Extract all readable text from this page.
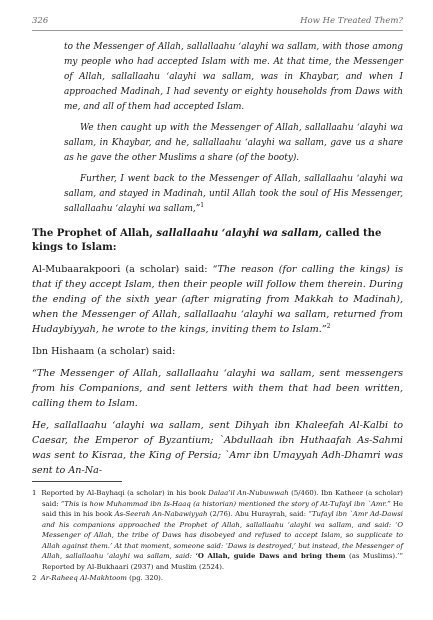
326	How He Treated Them?

to the Messenger of Allah, sallallaahu ‘alayhi wa sallam, with those among my people who had accepted Islam with me. At that time, the Messenger of Allah, sallallaahu ‘alayhi wa sallam, was in Khaybar, and when I approached Madinah, I had seventy or eighty households from Daws with me, and all of them had accepted Islam.

We then caught up with the Messenger of Allah, sallallaahu ‘alayhi wa sallam, in Khaybar, and he, sallallaahu ‘alayhi wa sallam, gave us a share as he gave the other Muslims a share (of the booty).

Further, I went back to the Messenger of Allah, sallallaahu ‘alayhi wa sallam, and stayed in Madinah, until Allah took the soul of His Messenger, sallallaahu ‘alayhi wa sallam,”$^1$

The Prophet of Allah, sallallaahu ‘alayhi wa sallam, called the kings to Islam:

Al-Mubaarakpoori (a scholar) said: “The reason (for calling the kings) is that if they accept Islam, then their people will follow them therein. During the ending of the sixth year (after migrating from Makkah to Madinah), when the Messenger of Allah, sallallaahu ‘alayhi wa sallam, returned from Hudaybiyyah, he wrote to the kings, inviting them to Islam.”$^2$

Ibn Hishaam (a scholar) said:

“The Messenger of Allah, sallallaahu ‘alayhi wa sallam, sent messengers from his Companions, and sent letters with them that had been written, calling them to Islam.

He, sallallaahu ‘alayhi wa sallam, sent Dihyah ibn Khaleefah Al-Kalbi to Caesar, the Emperor of Byzantium; `Abdullaah ibn Huthaafah As-Sahmi was sent to Kisraa, the King of Persia; `Amr ibn Umayyah Adh-Dhamri was sent to An-Na-

1 Reported by Al-Bayhaqi (a scholar) in his book Dalaa’il An-Nubuwwah (5/460). Ibn Katheer (a scholar) said: “This is how Muhammad ibn Is-Haaq (a historian) mentioned the story of At-Tufayl ibn `Amr.” He said this in his book As-Seerah An-Nabawiyyah (2/76). Abu Hurayrah, said: “Tufayl ibn `Amr Ad-Dawsi and his companions approached the Prophet of Allah, sallallaahu ‘alayhi wa sallam, and said: ‘O Messenger of Allah, the tribe of Daws has disobeyed and refused to accept Islam, so supplicate to Allah against them.’ At that moment, someone said: ‘Daws is destroyed,’ but instead, the Messenger of Allah, sallallaahu ‘alayhi wa sallam, said: ‘O Allah, guide Daws and bring them (as Muslims).’” Reported by Al-Bukhaari (2937) and Muslim (2524).

2 Ar-Raheeq Al-Makhtoom (pg. 320).
